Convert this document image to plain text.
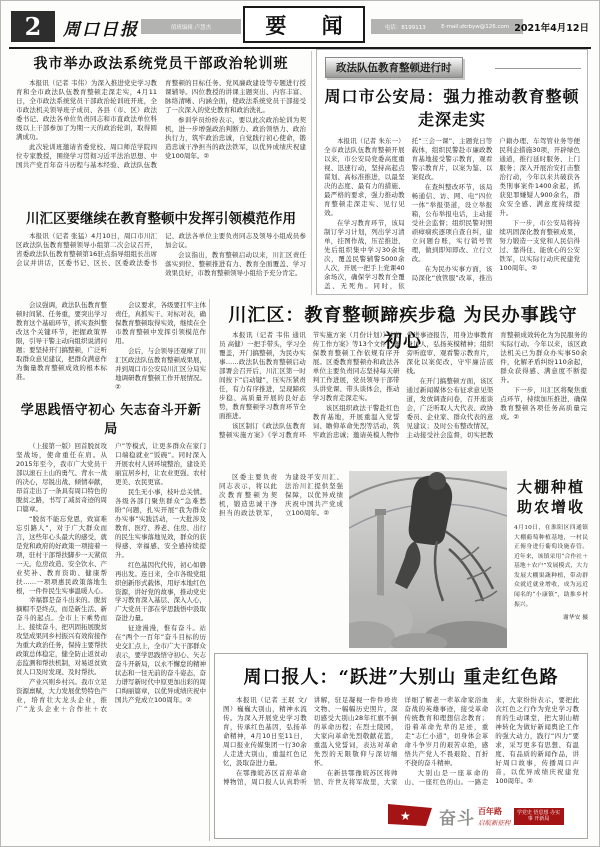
2	周口日报	值班编辑 卢慧杰	要 闻	电话：8199113	E-mail:zkrbyw@126.com 2021年4月12日
我市举办政法系统党员干部政治轮训班

本报讯（记者 韦伟）为深入推进党史学习教育和全市政法队伍教育整顿走深走实，4月11日，全市政法系统党员干部政治轮训班开班，全市政法机关领导班子成员、各县（市、区）政法委书记、政法各单位负责同志和市直政法单位科级以上干部参加了为期一天的政治轮训，取得圆满成功。

此次轮训班邀请省委党校、周口师范学院四位专家教授，围绕学习贯彻习近平法治思想、中国共产党百年奋斗历程与基本经验、政法队伍教育整顿的目标任务、党风廉政建设等专题进行授课辅导。四位教授的讲课主题突出、内容丰富、脉络清晰、内涵全面，使政法系统党员干部接受了一次深入的党史教育和政治洗礼。

参训学员纷纷表示，要以此次政治轮训为契机，进一步增强政治判断力、政治领悟力、政治执行力，筑牢政治忠诚，自觉践行初心使命，锻造忠诚干净担当的政法铁军，以优异成绩庆祝建党100周年。②

川汇区要继续在教育整顿中发挥引领模范作用

本报讯（记者 张猛）4月10日，周口市川汇区政法队伍教育整顿领导小组第二次会议召开，省委政法队伍教育整顿第16驻点指导组组长出席会议并讲话，区委书记、区长、区委政法委书记、政法各单位主要负责同志及领导小组成员参加会议。

会议指出，教育整顿启动以来，川汇区责任落实到位、整顿推进有力、教育全面覆盖、学习效果良好，市教育整顿领导小组给予充分肯定。

会议强调，政法队伍教育整顿时间紧、任务重，要突出学习教育这个基础环节，抓实查纠整改这个关键环节，把握政策界限，引导干警主动向组织说清问题；要坚持开门搞整顿，广泛听取群众意见建议，把群众满意作为衡量教育整顿成效的根本标准。

会议要求，各级要扛牢主体责任，真抓实干、对标对表，确保教育整顿取得实效，继续在全市教育整顿中发挥引领模范作用。

会后，与会领导还观摩了川汇区政法队伍教育整顿成果展，并到周口市公安局川汇区分局实地调研教育整顿工作开展情况。②

学思践悟守初心 矢志奋斗开新局

（上接第一版）回首脱贫攻坚战场，使命重任在肩。从2015年至今，我市广大党员干部以滚石上山的勇气、背水一战的决心，尽锐出战、倾情奉献，昂首走出了一条具有周口特色的脱贫之路，书写了减贫奇迹的周口篇章。

“脱贫不能忘党恩，致富难忘引路人”，对于广大群众而言，这些年心头最大的感受，就是党和政府的好政策一项接着一项，驻村干部帮扶脚步一天紧似一天。危房改造、安全饮水、产业奖补、教育资助、健康帮扶……一项项惠民政策落地生根，一件件民生实事温暖人心。

幸福都是奋斗出来的。脱贫摘帽不是终点，而是新生活、新奋斗的起点。全市上下乘势而上、接续奋斗，把巩固拓展脱贫攻坚成果同乡村振兴有效衔接作为重大政治任务，保持主要帮扶政策总体稳定，健全防止返贫动态监测和帮扶机制，对易返贫致贫人口及时发现、及时帮扶。

产业兴则乡村兴。我市立足资源禀赋，大力发展优势特色产业，培育壮大龙头企业，推广“龙头企业＋合作社＋农户”等模式，让更多群众在家门口端稳就业“饭碗”。同时深入开展农村人居环境整治，建设美丽宜居乡村，让农业更强、农村更美、农民更富。

民生无小事，枝叶总关情。各级各部门聚焦群众“急难愁盼”问题，扎实开展“我为群众办实事”实践活动，一大批涉及教育、医疗、养老、住房、出行的民生实事落地见效，群众的获得感、幸福感、安全感持续提升。

红色基因代代传，初心如磐再出发。连日来，全市各级党组织创新形式载体，用好本地红色资源，讲好党的故事，推动党史学习教育深入基层、深入人心，广大党员干部在学思践悟中汲取奋进力量。

征途漫漫，惟有奋斗。站在“两个一百年”奋斗目标的历史交汇点上，全市广大干部群众表示，要学思践悟守初心、矢志奋斗开新局，以永不懈怠的精神状态和一往无前的奋斗姿态，奋力谱写新时代中原更加出彩的周口绚丽篇章，以优异成绩庆祝中国共产党成立100周年。②

政法队伍教育整顿进行时
周口市公安局：强力推动教育整顿走深走实

本报讯（记者 朱东一）全市政法队伍教育整顿开展以来，市公安局党委高度重视、迅速行动，坚持高起点谋划、高标准推进，以最坚决的态度、最有力的措施、最严格的要求，强力推动教育整顿走深走实、见行见效。

在学习教育环节，该局制订学习计划，列出学习清单，挂图作战，压茬推进，先后组织集中学习30余场次，覆盖民警辅警5000余人次，开展一把手上党课40余场次，确保学习教育全覆盖、无死角。同时，依托“三会一课”、主题党日等载体，组织民警赴市廉政教育基地接受警示教育，观看警示教育片，以案为鉴、以案促改。

在查纠整改环节，该局畅通信、访、网、电“四位一体”举报渠道，设立举报箱，公布举报电话，主动接受社会监督；组织民警对照顽瘴痼疾逐项自查自纠，建立问题台账，实行销号管理，做到即知即改、立行立改。

在为民办实事方面，该局深化“放管服”改革，推出户籍办理、车驾管业务等便民利企措施30项，开辟绿色通道，推行延时服务、上门服务；深入开展治安打击整治行动，今年以来共破获各类刑事案件1400余起，抓获犯罪嫌疑人900余名，群众安全感、满意度持续提升。

下一步，市公安局将持续巩固深化教育整顿成果，努力锻造一支党和人民信得过、靠得住、能放心的公安铁军，以实际行动庆祝建党100周年。②

川汇区：教育整顿蹄疾步稳 为民办事践守初心

本报讯（记者 韦伟 通讯员 高健）一把手带头，学习全覆盖，开门搞整顿，为民办实事……政法队伍教育整顿启动部署会召开后，川汇区第一时间按下“启动键”，压实压紧责任，有力有序推进，呈现蹄疾步稳、高质量开展的良好态势，教育整顿学习教育环节全面推进。

该区制订《政法队伍教育整顿实施方案》《学习教育环节实施方案（月份计划）》《宣传工作方案》等13个文件，确保教育整顿工作依规有序开展。区委教育整顿办和政法各单位主要负责同志坚持每天研判工作进展，党员领导干部带头讲党课、带头谈体会，推动学习教育走深走实。

该区组织政法干警赴红色教育基地，开展重温入党誓词、瞻仰革命先烈等活动，筑牢政治忠诚；邀请英模人物作先进事迹报告，用身边事教育身边人，弘扬英模精神；组织旁听庭审、观看警示教育片，深化以案促改，守牢廉洁底线。

在开门搞整顿方面，该区通过新闻媒体公布征求意见渠道，发放调查问卷，召开座谈会，广泛听取人大代表、政协委员、企业家、群众代表的意见建议；及时公布整改情况，主动接受社会监督，切实把教育整顿成效转化为为民服务的实际行动。今年以来，该区政法机关已为群众办实事50余件，化解矛盾纠纷110余起，群众获得感、满意度不断提升。

下一步，川汇区将聚焦重点环节，持续加压推进，确保教育整顿各项任务高质量完成。②

区委主要负责同志表示，将以此次教育整顿为契机，锻造忠诚干净担当的政法铁军，为建设平安川汇、法治川汇提供坚强保障，以优异成绩庆祝中国共产党成立100周年。②

大棚种植
助农增收
4月10日，在淮阳区四通镇大棚葡萄种植基地，一村民正俯身进行葡萄设施春管。近年来，该镇采用“合作社＋基地＋农户”发展模式，大力发展大棚果蔬种植，带动群众就近就业增收，成为远近闻名的“小康镇”，助推乡村振兴。
谢华安 摄
周口报人：“跃进”大别山 重走红色路

本报讯（记者 王珉 文/图）巍巍大别山，精神永流传。为深入开展党史学习教育，传承红色基因，弘扬革命精神，4月10日至11日，周口报业传媒集团一行30余人走进大别山，重温红色记忆，汲取奋进力量。

在鄂豫皖苏区首府革命博物馆，周口报人认真聆听讲解，驻足凝视一件件珍贵文物、一幅幅历史照片，深切感受大别山28年红旗不倒的革命历程；在烈士陵园，大家向革命先烈敬献花篮，重温入党誓词，表达对革命先烈的无限敬仰与深切缅怀。

在新县鄂豫皖苏区将帅馆、许世友将军故里，大家详细了解老一辈革命家浴血奋战的英雄事迹，接受革命传统教育和理想信念教育；沿着革命先辈的足迹，重走“志仁小道”，切身体会革命斗争岁月的艰苦卓绝，感悟共产党人不畏艰险、百折不挠的奋斗精神。

大别山是一座革命的山、一座红色的山。一路走来，大家纷纷表示，要把此次红色之行作为党史学习教育的生动课堂，把大别山精神转化为做好新闻舆论工作的强大动力，践行“四力”要求，采写更多有思想、有温度、有品质的新闻作品，讲好周口故事，传播周口声音，以优异成绩庆祝建党100周年。②

★ 奋斗 百年路
启航新征程
学党史 悟思想 办实事 开新局
